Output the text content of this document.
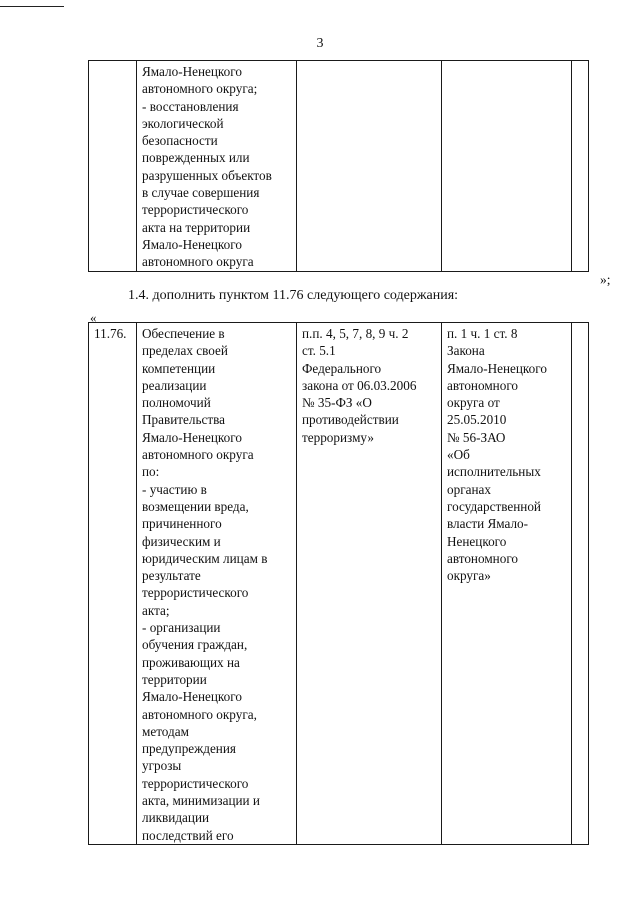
3

Ямало-Ненецкого
автономного округа;
- восстановления
экологической
безопасности
поврежденных или
разрушенных объектов
в случае совершения
террористического
акта на территории
Ямало-Ненецкого
автономного округа

»;
1.4. дополнить пунктом 11.76 следующего содержания:
«
11.76.	Обеспечение в
пределах своей
компетенции
реализации
полномочий
Правительства
Ямало-Ненецкого
автономного округа
по:
- участию в
возмещении вреда,
причиненного
физическим и
юридическим лицам в
результате
террористического
акта;
- организации
обучения граждан,
проживающих на
территории
Ямало-Ненецкого
автономного округа,
методам
предупреждения
угрозы
террористического
акта, минимизации и
ликвидации
последствий его

п.п. 4, 5, 7, 8, 9 ч. 2
ст. 5.1
Федерального
закона от 06.03.2006
№ 35-ФЗ «О
противодействии
терроризму»

п. 1 ч. 1 ст. 8
Закона
Ямало-Ненецкого
автономного
округа от
25.05.2010
№ 56-ЗАО
«Об
исполнительных
органах
государственной
власти Ямало-
Ненецкого
автономного
округа»
